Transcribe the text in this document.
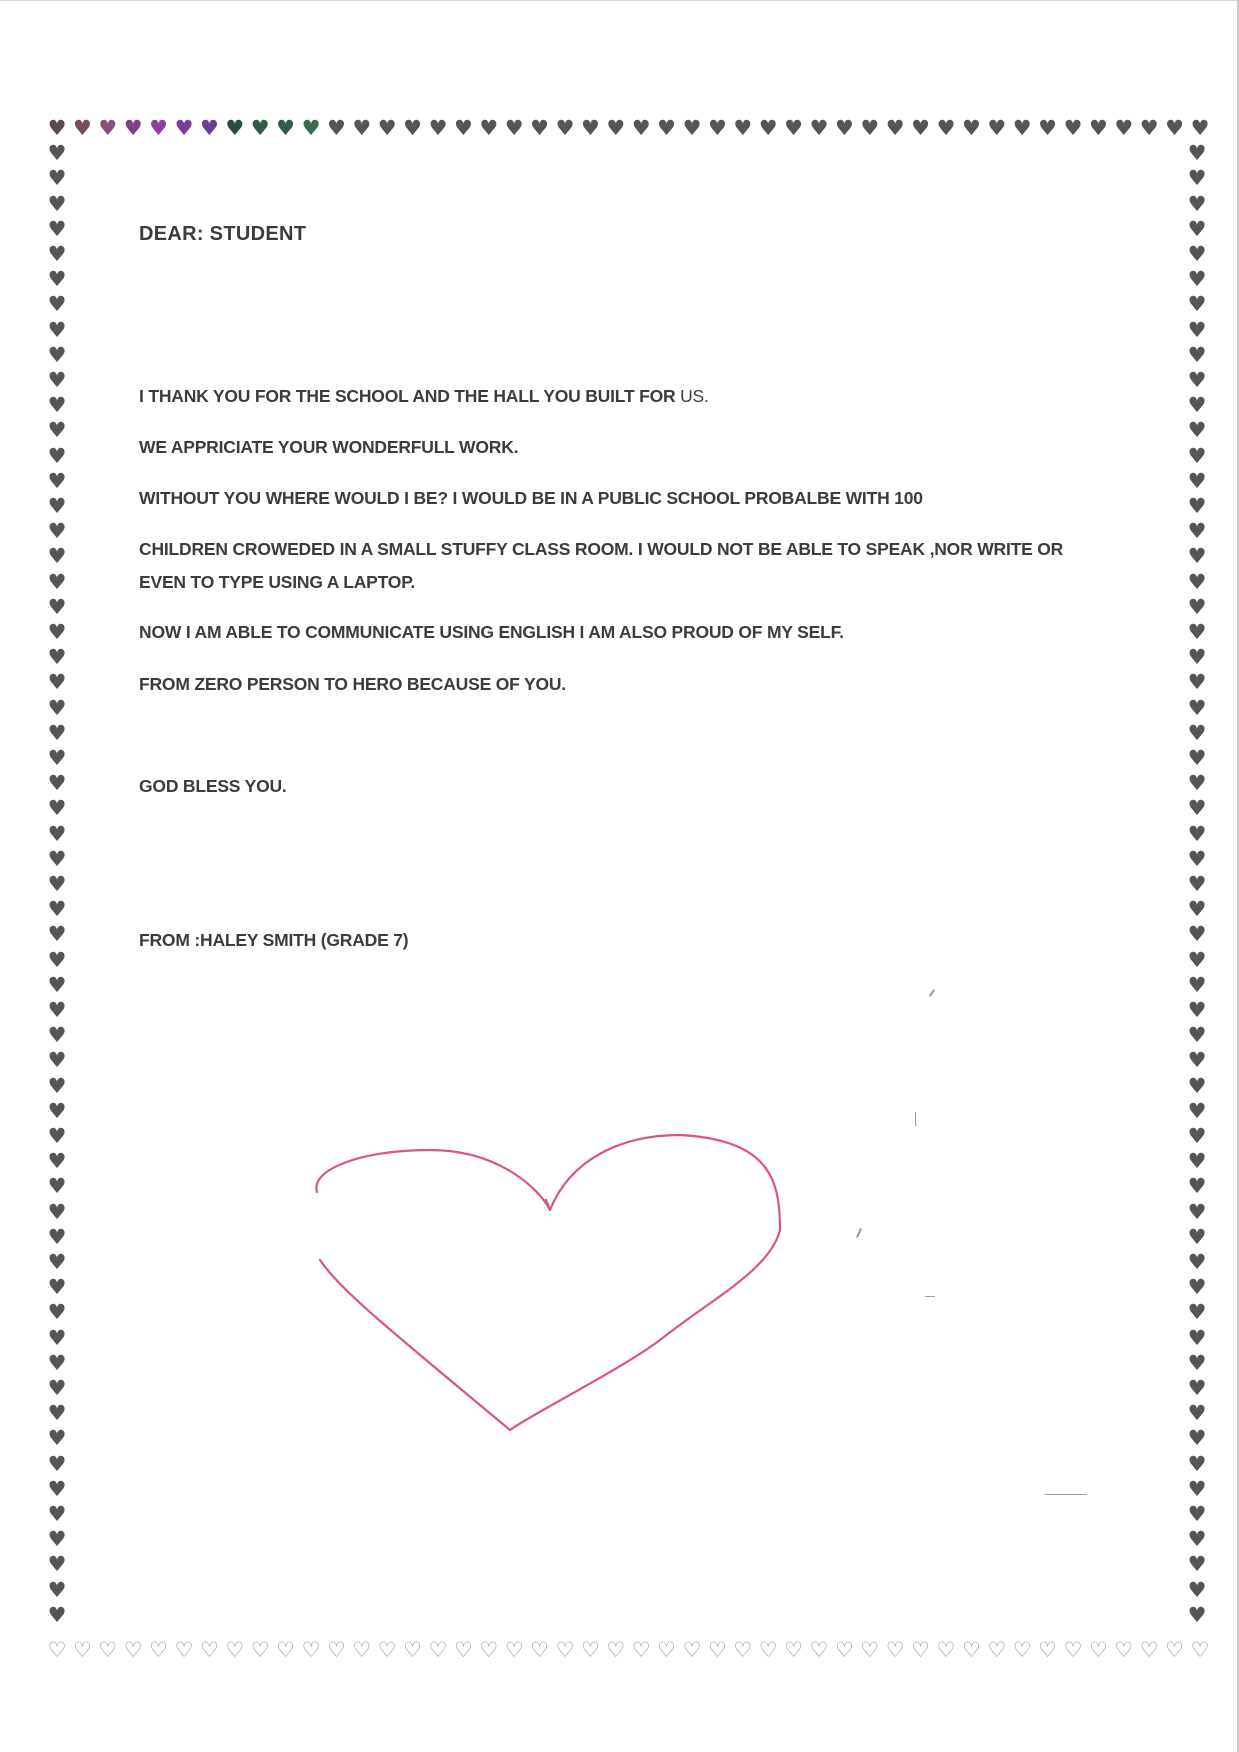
♥ ♥ ♥ ♥ ♥ ♥ ♥ ♥ ♥ ♥ ♥ ♥ ♥ ♥ ♥ ♥ ♥ ♥ ♥ ♥ ♥ ♥ ♥ ♥ ♥ ♥ ♥ ♥ ♥ ♥ ♥ ♥ ♥ ♥ ♥ ♥ ♥ ♥ ♥ ♥ ♥ ♥ ♥ ♥ ♥ ♥
♡ ♡ ♡ ♡ ♡ ♡ ♡ ♡ ♡ ♡ ♡ ♡ ♡ ♡ ♡ ♡ ♡ ♡ ♡ ♡ ♡ ♡ ♡ ♡ ♡ ♡ ♡ ♡ ♡ ♡ ♡ ♡ ♡ ♡ ♡ ♡ ♡ ♡ ♡ ♡ ♡ ♡ ♡ ♡ ♡ ♡
♥
♥
♥
♥
♥
♥
♥
♥
♥
♥
♥
♥
♥
♥
♥
♥
♥
♥
♥
♥
♥
♥
♥
♥
♥
♥
♥
♥
♥
♥
♥
♥
♥
♥
♥
♥
♥
♥
♥
♥
♥
♥
♥
♥
♥
♥
♥
♥
♥
♥
♥
♥
♥
♥
♥
♥
♥
♥
♥
♥
♥
♥
♥
♥
♥
♥
♥
♥
♥
♥
♥
♥
♥
♥
♥
♥
♥
♥
♥
♥
♥
♥
♥
♥
♥
♥
♥
♥
♥
♥
♥
♥
♥
♥
♥
♥
♥
♥
♥
♥
♥
♥
♥
♥
♥
♥
♥
♥
♥
♥
♥
♥
♥
♥
♥
♥
♥
♥
DEAR: STUDENT
I THANK YOU FOR THE SCHOOL AND THE HALL YOU BUILT FOR US.
WE APPRICIATE YOUR WONDERFULL WORK.
WITHOUT YOU WHERE WOULD I BE? I WOULD BE IN A PUBLIC SCHOOL PROBALBE WITH 100
CHILDREN CROWEDED IN A SMALL STUFFY CLASS ROOM. I WOULD NOT BE ABLE TO SPEAK ,NOR WRITE OR
EVEN TO TYPE USING A LAPTOP.
NOW I AM ABLE TO COMMUNICATE USING ENGLISH I AM ALSO PROUD OF MY SELF.
FROM ZERO PERSON TO HERO BECAUSE OF YOU.
GOD BLESS YOU.
FROM :HALEY SMITH (GRADE 7)
